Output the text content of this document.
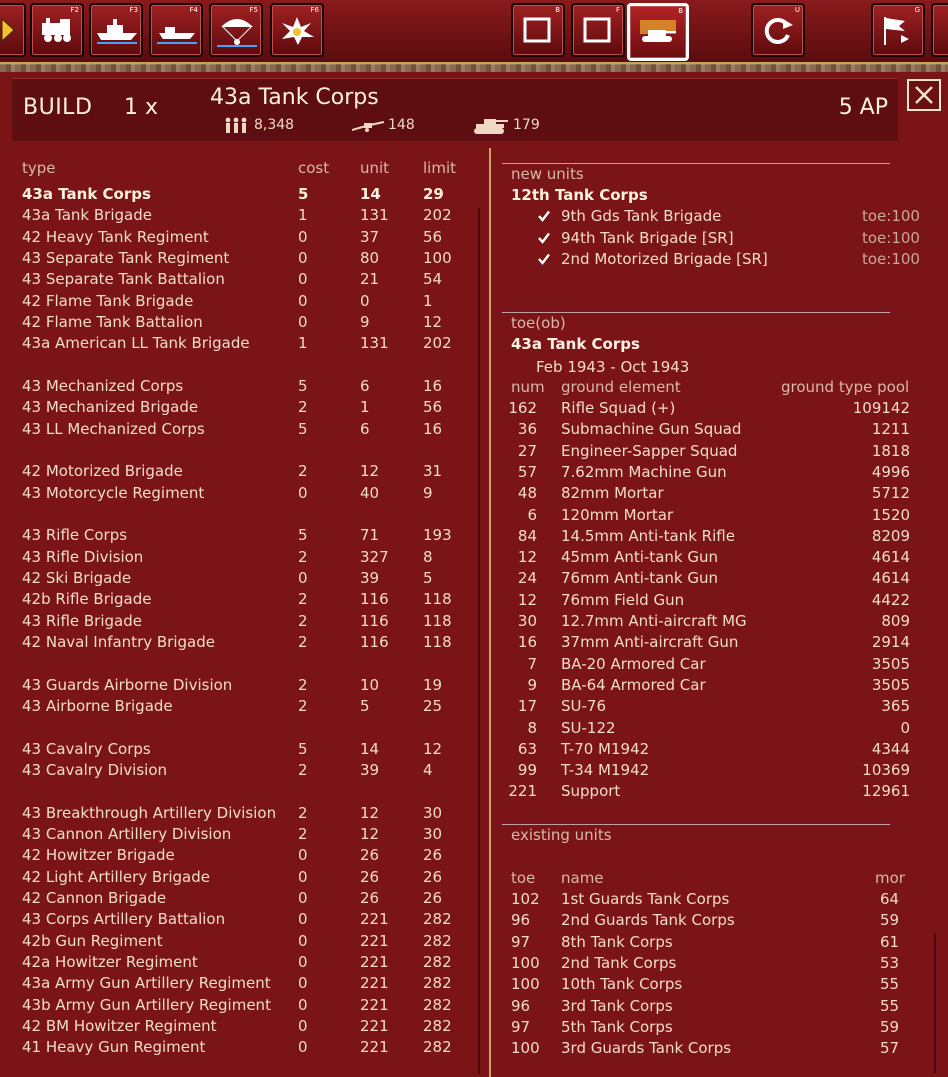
F2	F3	F4	F5	F6	B	F	B	U	G
BUILD 1 x 43a Tank Corps
8,348	148	179
5 AP
type	cost unit limit
43a Tank Corps	5	14	29
43a Tank Brigade	1	131 202
42 Heavy Tank Regiment	0	37	56
43 Separate Tank Regiment	0	80	100
43 Separate Tank Battalion	0	21	54
42 Flame Tank Brigade	0	0	1
42 Flame Tank Battalion	0	9	12
43a American LL Tank Brigade	1	131 202
43 Mechanized Corps	5	6	16
43 Mechanized Brigade	2	1	56
43 LL Mechanized Corps	5	6	16
42 Motorized Brigade	2	12	31
43 Motorcycle Regiment	0	40	9
43 Rifle Corps	5	71	193
43 Rifle Division	2	327 8
42 Ski Brigade	0	39	5
42b Rifle Brigade	2	116 118
43 Rifle Brigade	2	116 118
42 Naval Infantry Brigade	2	116 118
43 Guards Airborne Division	2	10	19
43 Airborne Brigade	2	5	25
43 Cavalry Corps	5	14	12
43 Cavalry Division	2	39	4
43 Breakthrough Artillery Division 2	12	30
43 Cannon Artillery Division	2	12	30
42 Howitzer Brigade	0	26	26
42 Light Artillery Brigade	0	26	26
42 Cannon Brigade	0	26	26
43 Corps Artillery Battalion	0	221 282
42b Gun Regiment	0	221 282
42a Howitzer Regiment	0	221 282
43a Army Gun Artillery Regiment 0	221 282
43b Army Gun Artillery Regiment 0	221 282
42 BM Howitzer Regiment	0	221 282
41 Heavy Gun Regiment	0	221 282
new units
12th Tank Corps
9th Gds Tank Brigade	toe:100
94th Tank Brigade [SR]	toe:100
2nd Motorized Brigade [SR]	toe:100
toe(ob)
43a Tank Corps
Feb 1943 - Oct 1943
num ground element	ground type pool
162 Rifle Squad (+)	109142
36 Submachine Gun Squad	1211
27 Engineer-Sapper Squad	1818
57 7.62mm Machine Gun	4996
48 82mm Mortar	5712
6 120mm Mortar	1520
84 14.5mm Anti-tank Rifle	8209
12 45mm Anti-tank Gun	4614
24 76mm Anti-tank Gun	4614
12 76mm Field Gun	4422
30 12.7mm Anti-aircraft MG	809
16 37mm Anti-aircraft Gun	2914
7 BA-20 Armored Car	3505
9 BA-64 Armored Car	3505
17 SU-76	365
8 SU-122	0
63 T-70 M1942	4344
99 T-34 M1942	10369
221 Support	12961
existing units
toe name	mor
102 1st Guards Tank Corps	64
96 2nd Guards Tank Corps	59
97 8th Tank Corps	61
100 2nd Tank Corps	53
100 10th Tank Corps	55
96 3rd Tank Corps	55
97 5th Tank Corps	59
100 3rd Guards Tank Corps	57
